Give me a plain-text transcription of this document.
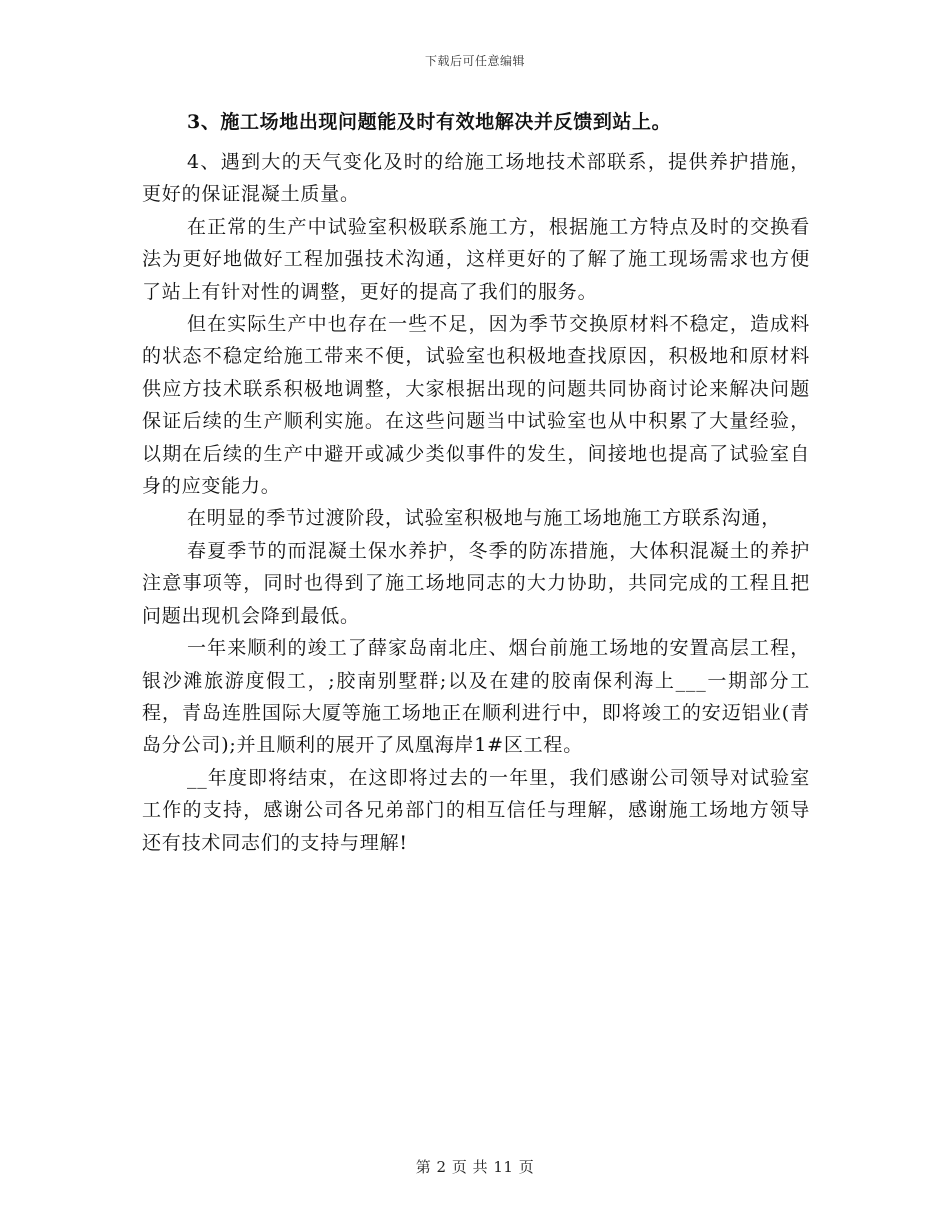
下载后可任意编辑

3、施工场地出现问题能及时有效地解决并反馈到站上。

4、遇到大的天气变化及时的给施工场地技术部联系，提供养护措施，更好的保证混凝土质量。

在正常的生产中试验室积极联系施工方，根据施工方特点及时的交换看法为更好地做好工程加强技术沟通，这样更好的了解了施工现场需求也方便了站上有针对性的调整，更好的提高了我们的服务。

但在实际生产中也存在一些不足，因为季节交换原材料不稳定，造成料的状态不稳定给施工带来不便，试验室也积极地查找原因，积极地和原材料供应方技术联系积极地调整，大家根据出现的问题共同协商讨论来解决问题保证后续的生产顺利实施。在这些问题当中试验室也从中积累了大量经验，以期在后续的生产中避开或减少类似事件的发生，间接地也提高了试验室自身的应变能力。

在明显的季节过渡阶段，试验室积极地与施工场地施工方联系沟通，

春夏季节的而混凝土保水养护，冬季的防冻措施，大体积混凝土的养护注意事项等，同时也得到了施工场地同志的大力协助，共同完成的工程且把问题出现机会降到最低。

一年来顺利的竣工了薛家岛南北庄、烟台前施工场地的安置高层工程，银沙滩旅游度假工，;胶南别墅群;以及在建的胶南保利海上___一期部分工程，青岛连胜国际大厦等施工场地正在顺利进行中，即将竣工的安迈铝业(青岛分公司);并且顺利的展开了凤凰海岸1#区工程。

__年度即将结束，在这即将过去的一年里，我们感谢公司领导对试验室工作的支持，感谢公司各兄弟部门的相互信任与理解，感谢施工场地方领导还有技术同志们的支持与理解!

第 2 页 共 11 页
